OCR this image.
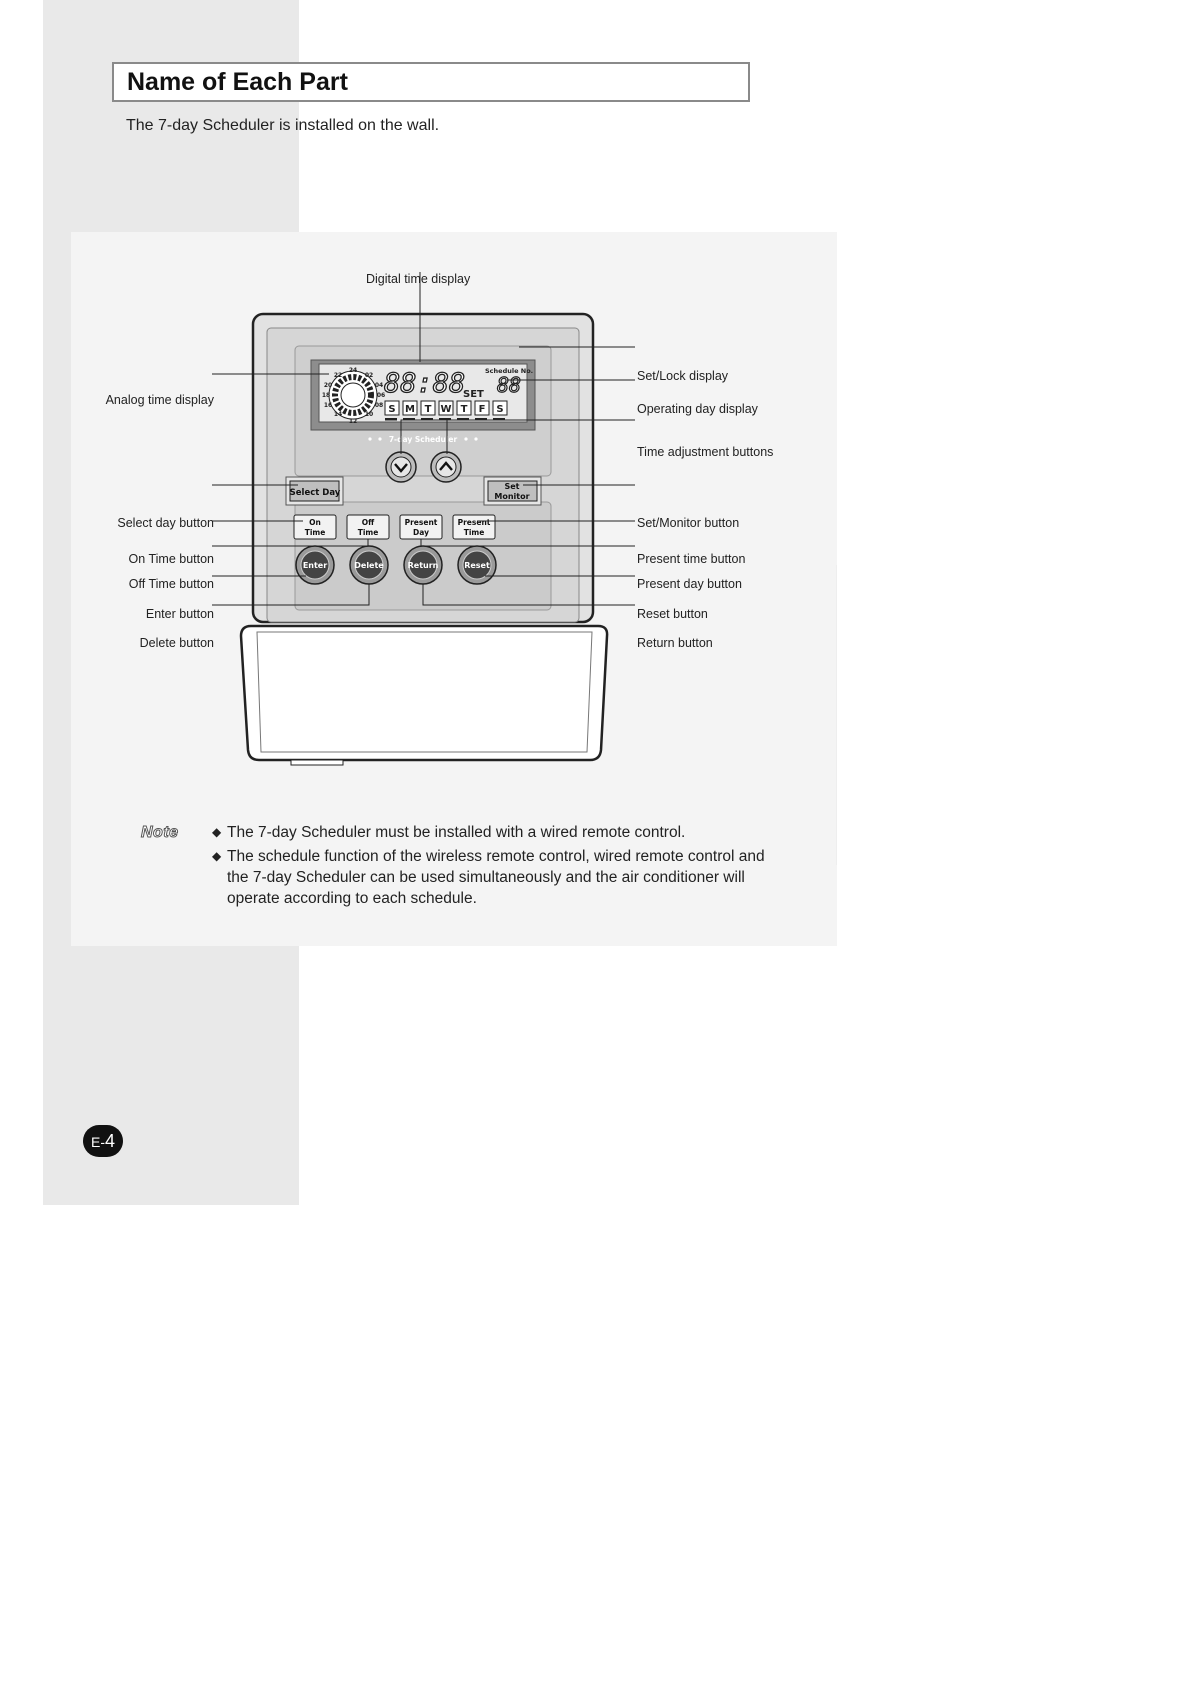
Name of Each Part
The 7-day Scheduler is installed on the wall.
24
02
04
06
08
10
12
14
16
18
20
22 88:88	Schedule No.
88
SET
S M T W T F S
7-day Scheduler
Select Day
Set
Monitor
On
Time
Off
Time
Present
Day
Present
Time
Enter	Delete	Return	Reset
Digital time display
Analog time display
Set/Lock display
Operating day display
Time adjustment buttons
Select day button	Set/Monitor button
On Time button	Present time button
Off Time button	Present day button
Enter button	Reset button
Delete button	Return button
Note	◆ The 7-day Scheduler must be installed with a wired remote control.
◆ The schedule function of the wireless remote control, wired remote control and the 7-day Scheduler can be used simultaneously and the air conditioner will operate according to each schedule.
E-4
